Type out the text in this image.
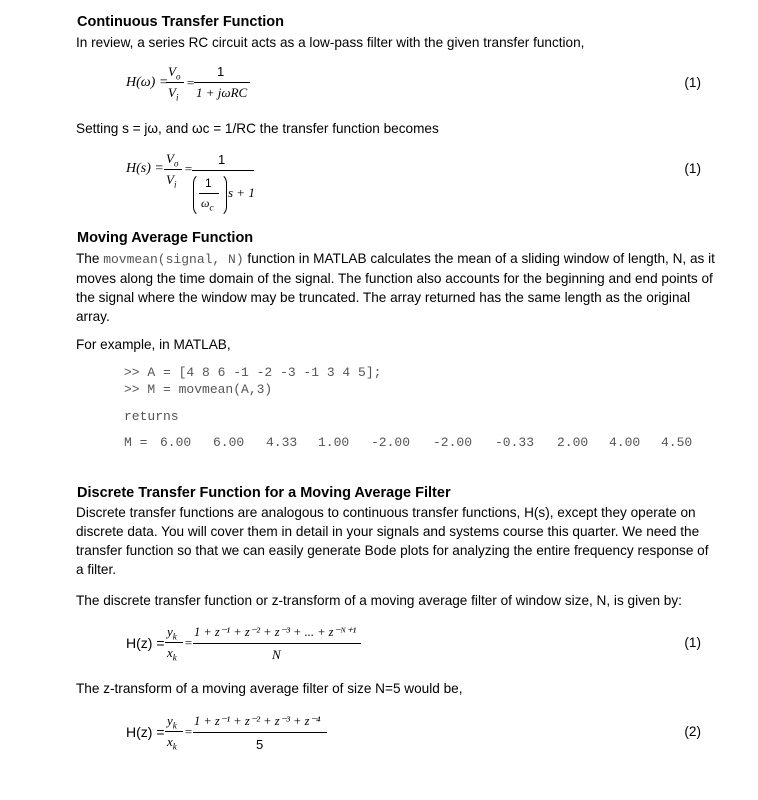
Continuous Transfer Function
In review, a series RC circuit acts as a low-pass filter with the given transfer function,
H(ω) =
$V_o$
$V_i$
=
1
1 + jωRC
(1)
Setting s = jω, and ωc = 1/RC the transfer function becomes
H(s) =
$V_o$
$V_i$
=
1
1
$\omega_c$
s + 1
(1)
Moving Average Function
The movmean(signal, N) function in MATLAB calculates the mean of a sliding window of length, N, as it moves along the time domain of the signal. The function also accounts for the beginning and end points of the signal where the window may be truncated. The array returned has the same length as the original array.
For example, in MATLAB,
>> A = [4 8 6 -1 -2 -3 -1 3 4 5];
>> M = movmean(A,3)
returns
M = 6.00 6.00 4.33 1.00 -2.00 -2.00 -0.33 2.00 4.00 4.50
Discrete Transfer Function for a Moving Average Filter
Discrete transfer functions are analogous to continuous transfer functions, H(s), except they operate on discrete data. You will cover them in detail in your signals and systems course this quarter. We need the transfer function so that we can easily generate Bode plots for analyzing the entire frequency response of a filter.
The discrete transfer function or z-transform of a moving average filter of window size, N, is given by:
H(z) =
$y_k$
$x_k$
=
1 + z⁻¹ + z⁻² + z⁻³ + ... + z⁻ᴺ⁺¹
N
(1)
The z-transform of a moving average filter of size N=5 would be,
H(z) =
$y_k$
$x_k$
=
1 + z⁻¹ + z⁻² + z⁻³ + z⁻⁴
5
(2)
